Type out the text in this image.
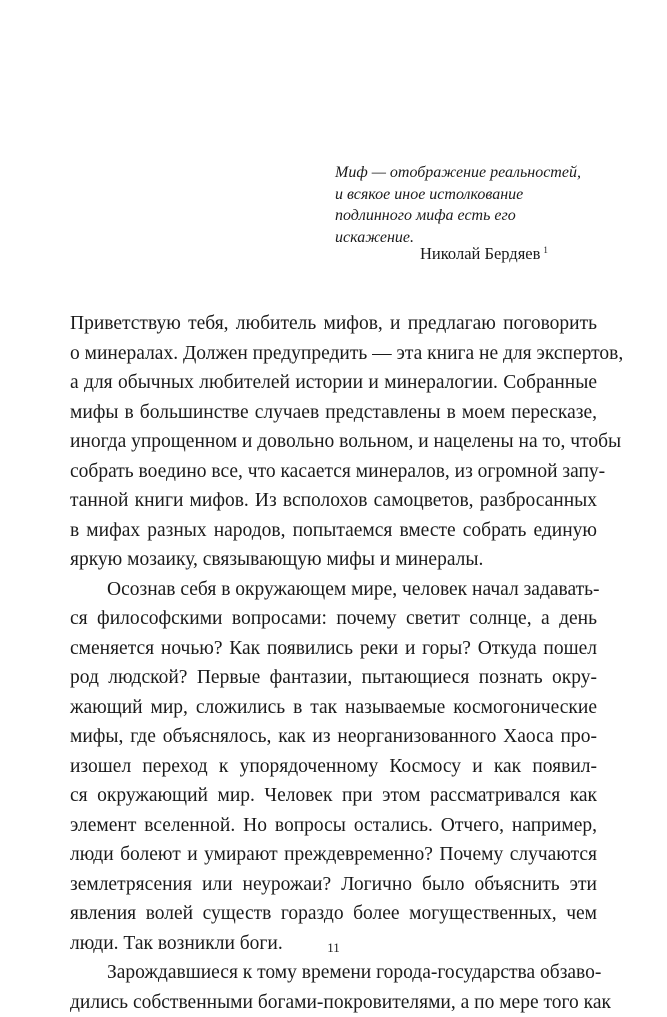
Миф — отображение реальностей,
и всякое иное истолкование
подлинного мифа есть его
искажение.
Николай Бердяев $^1$
Приветствую тебя, любитель мифов, и предлагаю поговорить
о минералах. Должен предупредить — эта книга не для экспертов,
а для обычных любителей истории и минералогии. Собранные
мифы в большинстве случаев представлены в моем пересказе,
иногда упрощенном и довольно вольном, и нацелены на то, чтобы
собрать воедино все, что касается минералов, из огромной запу-
танной книги мифов. Из всполохов самоцветов, разбросанных
в мифах разных народов, попытаемся вместе собрать единую
яркую мозаику, связывающую мифы и минералы.
Осознав себя в окружающем мире, человек начал задавать-
ся философскими вопросами: почему светит солнце, а день
сменяется ночью? Как появились реки и горы? Откуда пошел
род людской? Первые фантазии, пытающиеся познать окру-
жающий мир, сложились в так называемые космогонические
мифы, где объяснялось, как из неорганизованного Хаоса про-
изошел переход к упорядоченному Космосу и как появил-
ся окружающий мир. Человек при этом рассматривался как
элемент вселенной. Но вопросы остались. Отчего, например,
люди болеют и умирают преждевременно? Почему случаются
землетрясения или неурожаи? Логично было объяснить эти
явления волей существ гораздо более могущественных, чем
люди. Так возникли боги.
Зарождавшиеся к тому времени города-государства обзаво-
дились собственными богами-покровителями, а по мере того как
11
